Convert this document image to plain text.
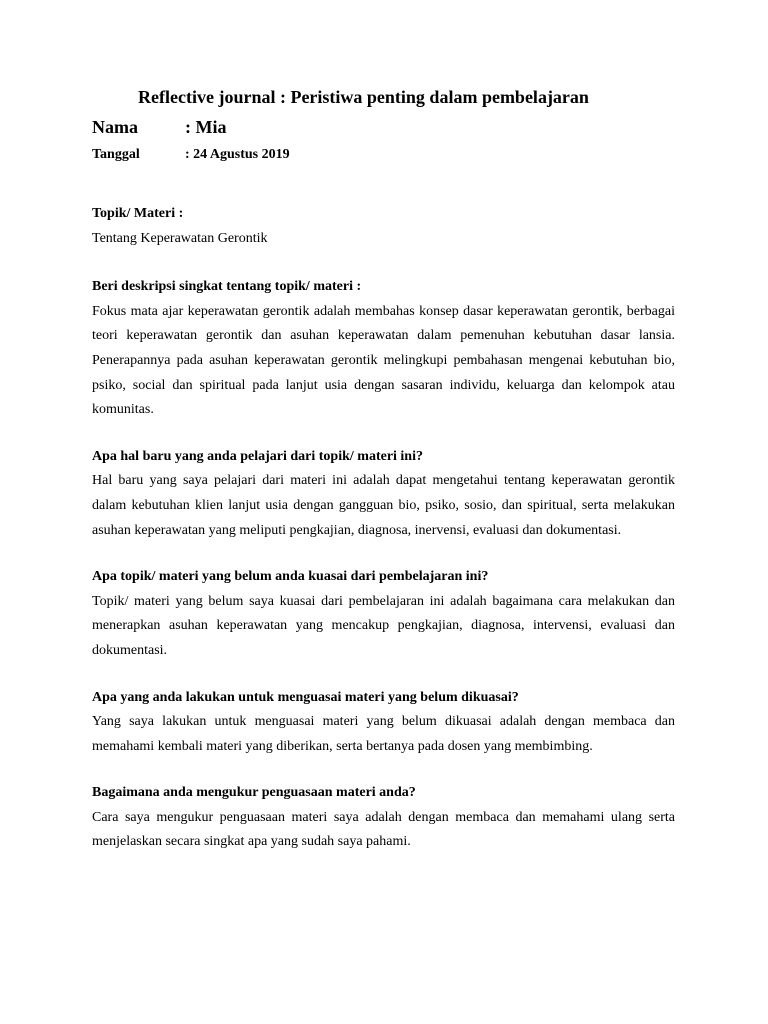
Reflective journal : Peristiwa penting dalam pembelajaran
Nama	: Mia
Tanggal	: 24 Agustus 2019

Topik/ Materi :

Tentang Keperawatan Gerontik

Beri deskripsi singkat tentang topik/ materi :

Fokus mata ajar keperawatan gerontik adalah membahas konsep dasar keperawatan gerontik, berbagai teori keperawatan gerontik dan asuhan keperawatan dalam pemenuhan kebutuhan dasar lansia. Penerapannya pada asuhan keperawatan gerontik melingkupi pembahasan mengenai kebutuhan bio, psiko, social dan spiritual pada lanjut usia dengan sasaran individu, keluarga dan kelompok atau komunitas.

Apa hal baru yang anda pelajari dari topik/ materi ini?

Hal baru yang saya pelajari dari materi ini adalah dapat mengetahui tentang keperawatan gerontik dalam kebutuhan klien lanjut usia dengan gangguan bio, psiko, sosio, dan spiritual, serta melakukan asuhan keperawatan yang meliputi pengkajian, diagnosa, inervensi, evaluasi dan dokumentasi.

Apa topik/ materi yang belum anda kuasai dari pembelajaran ini?

Topik/ materi yang belum saya kuasai dari pembelajaran ini adalah bagaimana cara melakukan dan menerapkan asuhan keperawatan yang mencakup pengkajian, diagnosa, intervensi, evaluasi dan dokumentasi.

Apa yang anda lakukan untuk menguasai materi yang belum dikuasai?

Yang saya lakukan untuk menguasai materi yang belum dikuasai adalah dengan membaca dan memahami kembali materi yang diberikan, serta bertanya pada dosen yang membimbing.

Bagaimana anda mengukur penguasaan materi anda?

Cara saya mengukur penguasaan materi saya adalah dengan membaca dan memahami ulang serta menjelaskan secara singkat apa yang sudah saya pahami.
